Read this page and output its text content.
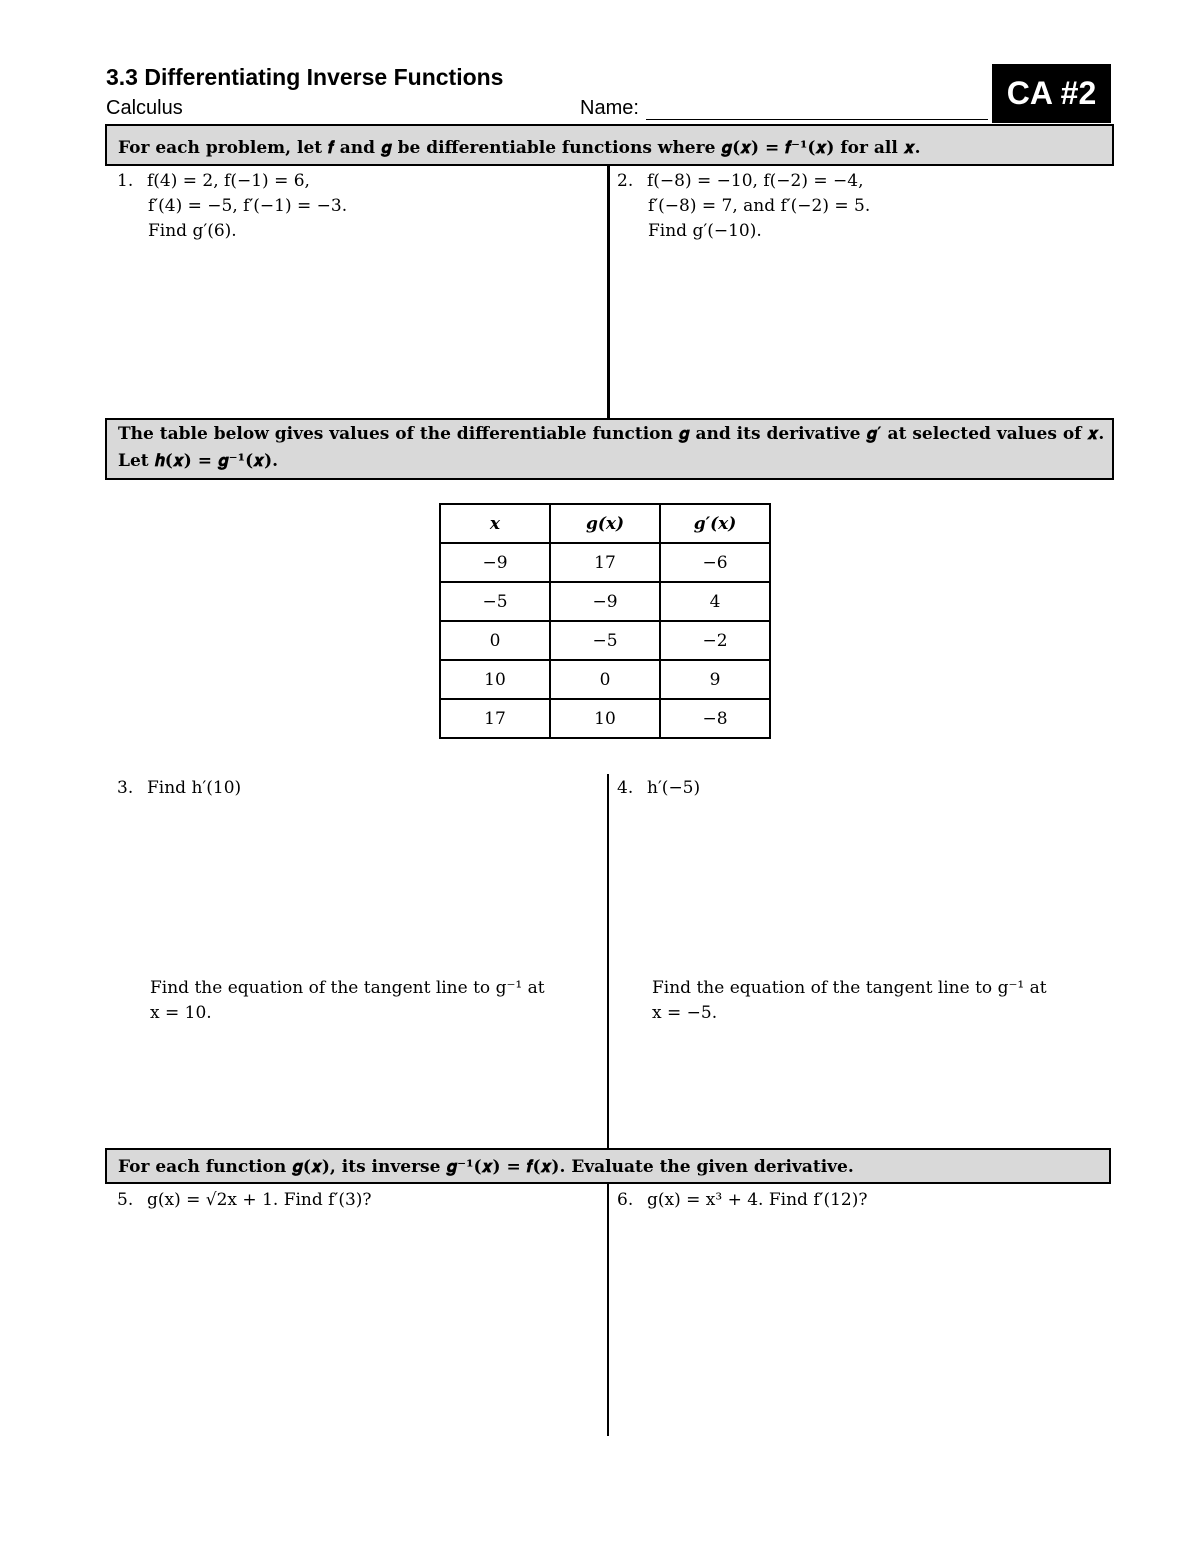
3.3 Differentiating Inverse Functions
Calculus	Name:	CA #2
For each problem, let 𝒇 and 𝒈 be differentiable functions where 𝒈(𝒙) = 𝒇⁻¹(𝒙) for all 𝒙.
1. f(4) = 2, f(−1) = 6,
f′(4) = −5, f′(−1) = −3.
Find g′(6).
2. f(−8) = −10, f(−2) = −4,
f′(−8) = 7, and f′(−2) = 5.
Find g′(−10).
The table below gives values of the differentiable function 𝒈 and its derivative 𝒈′ at selected values of 𝒙.
Let 𝒉(𝒙) = 𝒈⁻¹(𝒙).
x	g(x)	g′(x)
−9	17	−6
−5	−9	4
0	−5	−2
10	0	9
17	10	−8
3. Find h′(10)
Find the equation of the tangent line to g⁻¹ at
x = 10.
4. h′(−5)
Find the equation of the tangent line to g⁻¹ at
x = −5.
For each function 𝒈(𝒙), its inverse 𝒈⁻¹(𝒙) = 𝒇(𝒙). Evaluate the given derivative.
5. g(x) = √2x + 1. Find f′(3)?	6. g(x) = x³ + 4. Find f′(12)?
